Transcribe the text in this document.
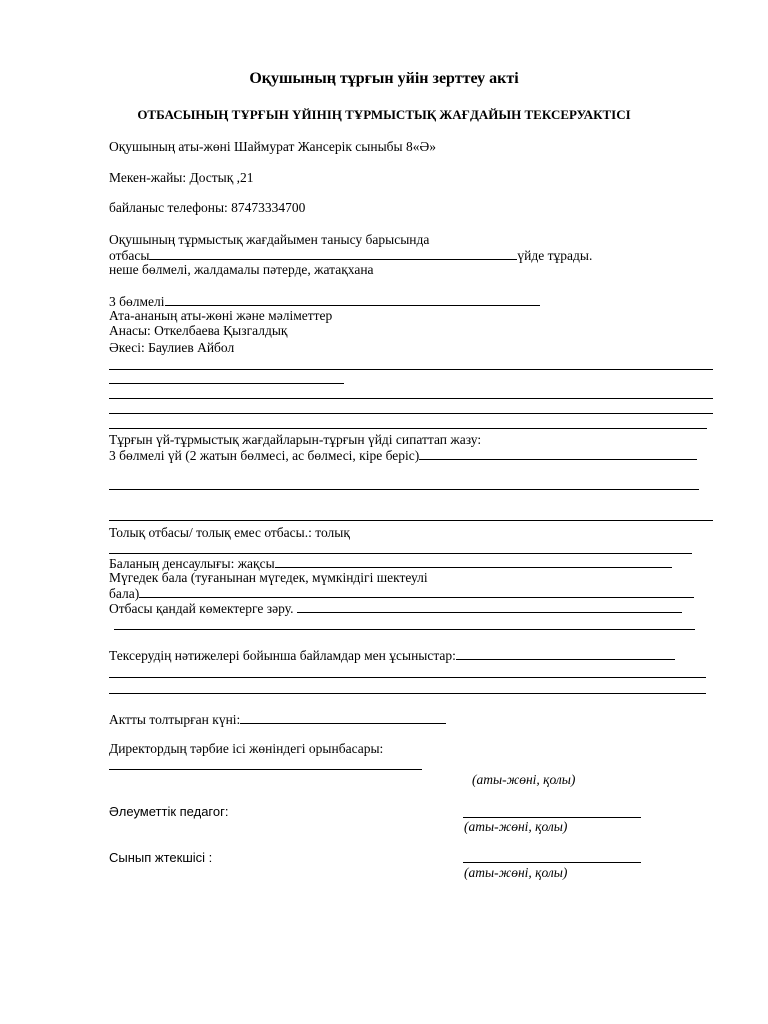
Оқушының тұрғын уйін зерттеу акті
ОТБАСЫНЫҢ ТҰРҒЫН ҮЙІНІҢ ТҰРМЫСТЫҚ ЖАҒДАЙЫН ТЕКСЕРУАКТІСІ
Оқушының аты-жөні Шаймурат Жансерік сыныбы 8«Ә»
Мекен-жайы: Достық ,21
байланыс телефоны: 87473334700
Оқушының тұрмыстық жағдайымен танысу барысында
отбасы	үйде тұрады.
неше бөлмелі, жалдамалы пәтерде, жатақхана
3 бөлмелі
Ата-ананың аты-жөні және мәліметтер
Анасы: Откелбаева Қызгалдық
Әкесі: Баулиев Айбол
Тұрғын үй-тұрмыстық жағдайларын-тұрғын үйді сипаттап жазу:
3 бөлмелі үй (2 жатын бөлмесі, ас бөлмесі, кіре беріс)
Толық отбасы/ толық емес отбасы.: толық
Баланың денсаулығы: жақсы
Мүгедек бала (туғанынан мүгедек, мүмкіндігі шектеулі
бала)
Отбасы қандай көмектерге зəру.
Тексерудің нәтижелері бойынша байламдар мен ұсыныстар:
Актты толтырған күні:
Директордың тәрбие ісі жөніндегі орынбасары:
(аты-жөні, қолы)
Әлеуметтік педагог:
(аты-жөні, қолы)
Сынып жтекшісі :
(аты-жөні, қолы)
